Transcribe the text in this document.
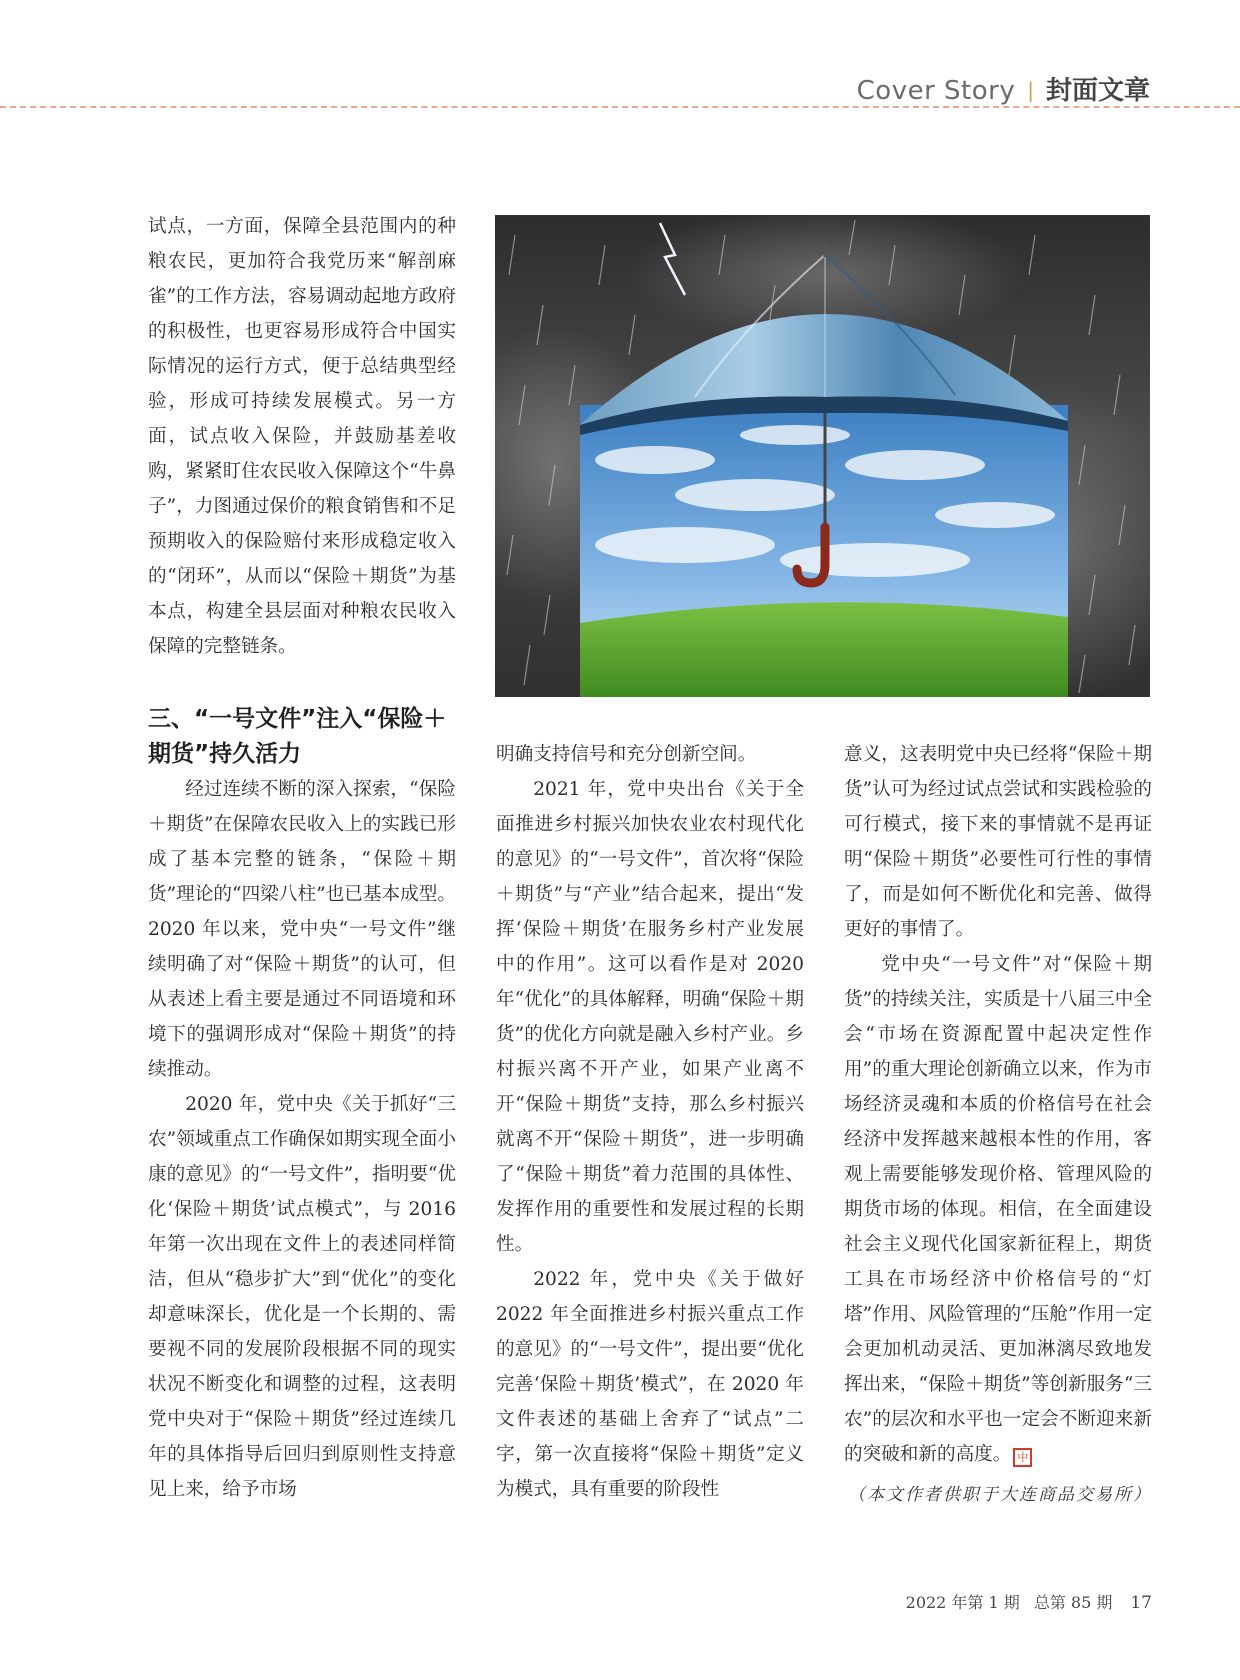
Cover Story | 封面文章

试点，一方面，保障全县范围内的种粮农民，更加符合我党历来“解剖麻雀”的工作方法，容易调动起地方政府的积极性，也更容易形成符合中国实际情况的运行方式，便于总结典型经验，形成可持续发展模式。另一方面，试点收入保险，并鼓励基差收购，紧紧盯住农民收入保障这个“牛鼻子”，力图通过保价的粮食销售和不足预期收入的保险赔付来形成稳定收入的“闭环”，从而以“保险＋期货”为基本点，构建全县层面对种粮农民收入保障的完整链条。

三、“一号文件”注入“保险＋期货”持久活力

经过连续不断的深入探索，“保险＋期货”在保障农民收入上的实践已形成了基本完整的链条，“保险＋期货”理论的“四梁八柱”也已基本成型。2020 年以来，党中央“一号文件”继续明确了对“保险＋期货”的认可，但从表述上看主要是通过不同语境和环境下的强调形成对“保险＋期货”的持续推动。

2020 年，党中央《关于抓好“三农”领域重点工作确保如期实现全面小康的意见》的“一号文件”，指明要“优化‘保险＋期货’试点模式”，与 2016 年第一次出现在文件上的表述同样简洁，但从“稳步扩大”到“优化”的变化却意味深长，优化是一个长期的、需要视不同的发展阶段根据不同的现实状况不断变化和调整的过程，这表明党中央对于“保险＋期货”经过连续几年的具体指导后回归到原则性支持意见上来，给予市场

明确支持信号和充分创新空间。

2021 年，党中央出台《关于全面推进乡村振兴加快农业农村现代化的意见》的“一号文件”，首次将“保险＋期货”与“产业”结合起来，提出“发挥‘保险＋期货’在服务乡村产业发展中的作用”。这可以看作是对 2020 年“优化”的具体解释，明确“保险＋期货”的优化方向就是融入乡村产业。乡村振兴离不开产业，如果产业离不开“保险＋期货”支持，那么乡村振兴就离不开“保险＋期货”，进一步明确了“保险＋期货”着力范围的具体性、发挥作用的重要性和发展过程的长期性。

2022 年，党中央《关于做好 2022 年全面推进乡村振兴重点工作的意见》的“一号文件”，提出要“优化完善‘保险＋期货’模式”，在 2020 年文件表述的基础上舍弃了“试点”二字，第一次直接将“保险＋期货”定义为模式，具有重要的阶段性

意义，这表明党中央已经将“保险＋期货”认可为经过试点尝试和实践检验的可行模式，接下来的事情就不是再证明“保险＋期货”必要性可行性的事情了，而是如何不断优化和完善、做得更好的事情了。

党中央“一号文件”对“保险＋期货”的持续关注，实质是十八届三中全会“市场在资源配置中起决定性作用”的重大理论创新确立以来，作为市场经济灵魂和本质的价格信号在社会经济中发挥越来越根本性的作用，客观上需要能够发现价格、管理风险的期货市场的体现。相信，在全面建设社会主义现代化国家新征程上，期货工具在市场经济中价格信号的“灯塔”作用、风险管理的“压舱”作用一定会更加机动灵活、更加淋漓尽致地发挥出来，“保险＋期货”等创新服务“三农”的层次和水平也一定会不断迎来新的突破和新的高度。 中

（本文作者供职于大连商品交易所）
2022 年第 1 期 总第 85 期 17
